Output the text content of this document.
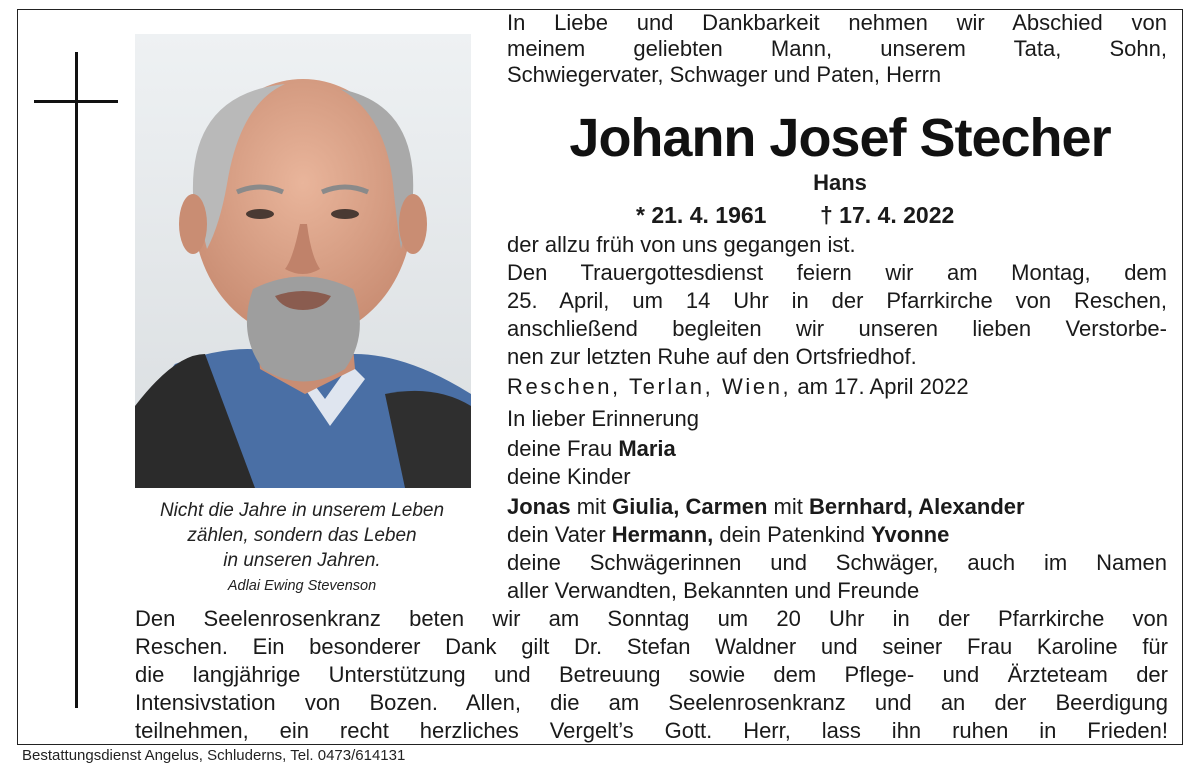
Nicht die Jahre in unserem Leben
zählen, sondern das Leben
in unseren Jahren.
Adlai Ewing Stevenson
In Liebe und Dankbarkeit nehmen wir Abschied von
meinem geliebten Mann, unserem Tata, Sohn,
Schwiegervater, Schwager und Paten, Herrn
Johann Josef Stecher
Hans
* 21. 4. 1961 † 17. 4. 2022
der allzu früh von uns gegangen ist.
Den Trauergottesdienst feiern wir am Montag, dem
25. April, um 14 Uhr in der Pfarrkirche von Reschen,
anschließend begleiten wir unseren lieben Verstorbe-
nen zur letzten Ruhe auf den Ortsfriedhof.
Reschen, Terlan, Wien, am 17. April 2022
In lieber Erinnerung
deine Frau Maria
deine Kinder
Jonas mit Giulia, Carmen mit Bernhard, Alexander
dein Vater Hermann, dein Patenkind Yvonne
deine Schwägerinnen und Schwäger, auch im Namen
aller Verwandten, Bekannten und Freunde
Den Seelenrosenkranz beten wir am Sonntag um 20 Uhr in der Pfarrkirche von
Reschen. Ein besonderer Dank gilt Dr. Stefan Waldner und seiner Frau Karoline für
die langjährige Unterstützung und Betreuung sowie dem Pflege- und Ärzteteam der
Intensivstation von Bozen. Allen, die am Seelenrosenkranz und an der Beerdigung
teilnehmen, ein recht herzliches Vergelt’s Gott. Herr, lass ihn ruhen in Frieden!
Bestattungsdienst Angelus, Schluderns, Tel. 0473/614131
